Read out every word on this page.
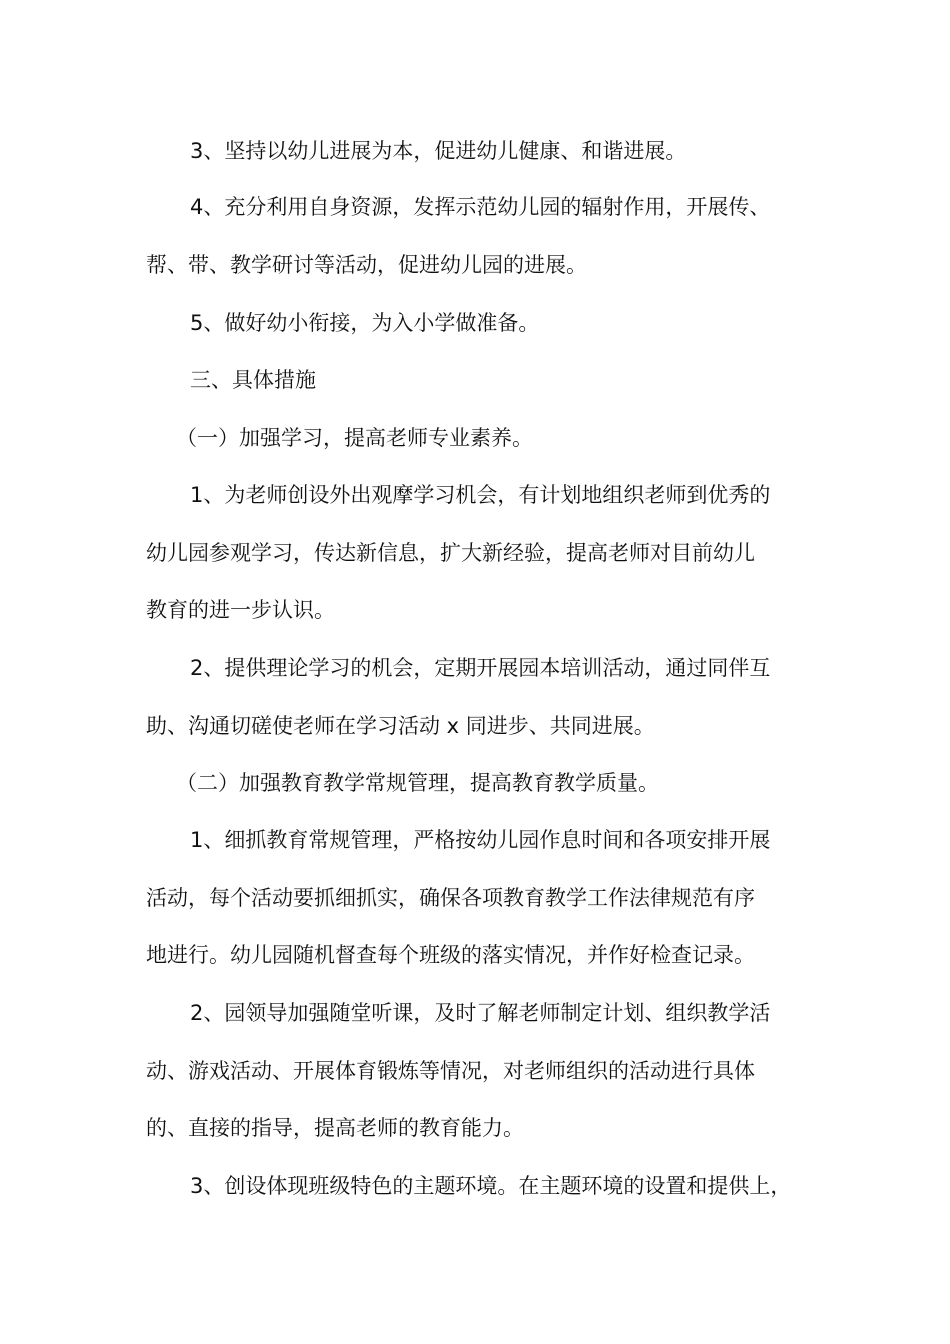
3、坚持以幼儿进展为本，促进幼儿健康、和谐进展。
4、充分利用自身资源，发挥示范幼儿园的辐射作用，开展传、
帮、带、教学研讨等活动，促进幼儿园的进展。
5、做好幼小衔接，为入小学做准备。
三、具体措施
（一）加强学习，提高老师专业素养。
1、为老师创设外出观摩学习机会，有计划地组织老师到优秀的
幼儿园参观学习，传达新信息，扩大新经验，提高老师对目前幼儿
教育的进一步认识。
2、提供理论学习的机会，定期开展园本培训活动，通过同伴互
助、沟通切磋使老师在学习活动 x 同进步、共同进展。
（二）加强教育教学常规管理，提高教育教学质量。
1、细抓教育常规管理，严格按幼儿园作息时间和各项安排开展
活动，每个活动要抓细抓实，确保各项教育教学工作法律规范有序
地进行。幼儿园随机督查每个班级的落实情况，并作好检查记录。
2、园领导加强随堂听课，及时了解老师制定计划、组织教学活
动、游戏活动、开展体育锻炼等情况，对老师组织的活动进行具体
的、直接的指导，提高老师的教育能力。
3、创设体现班级特色的主题环境。在主题环境的设置和提供上，
